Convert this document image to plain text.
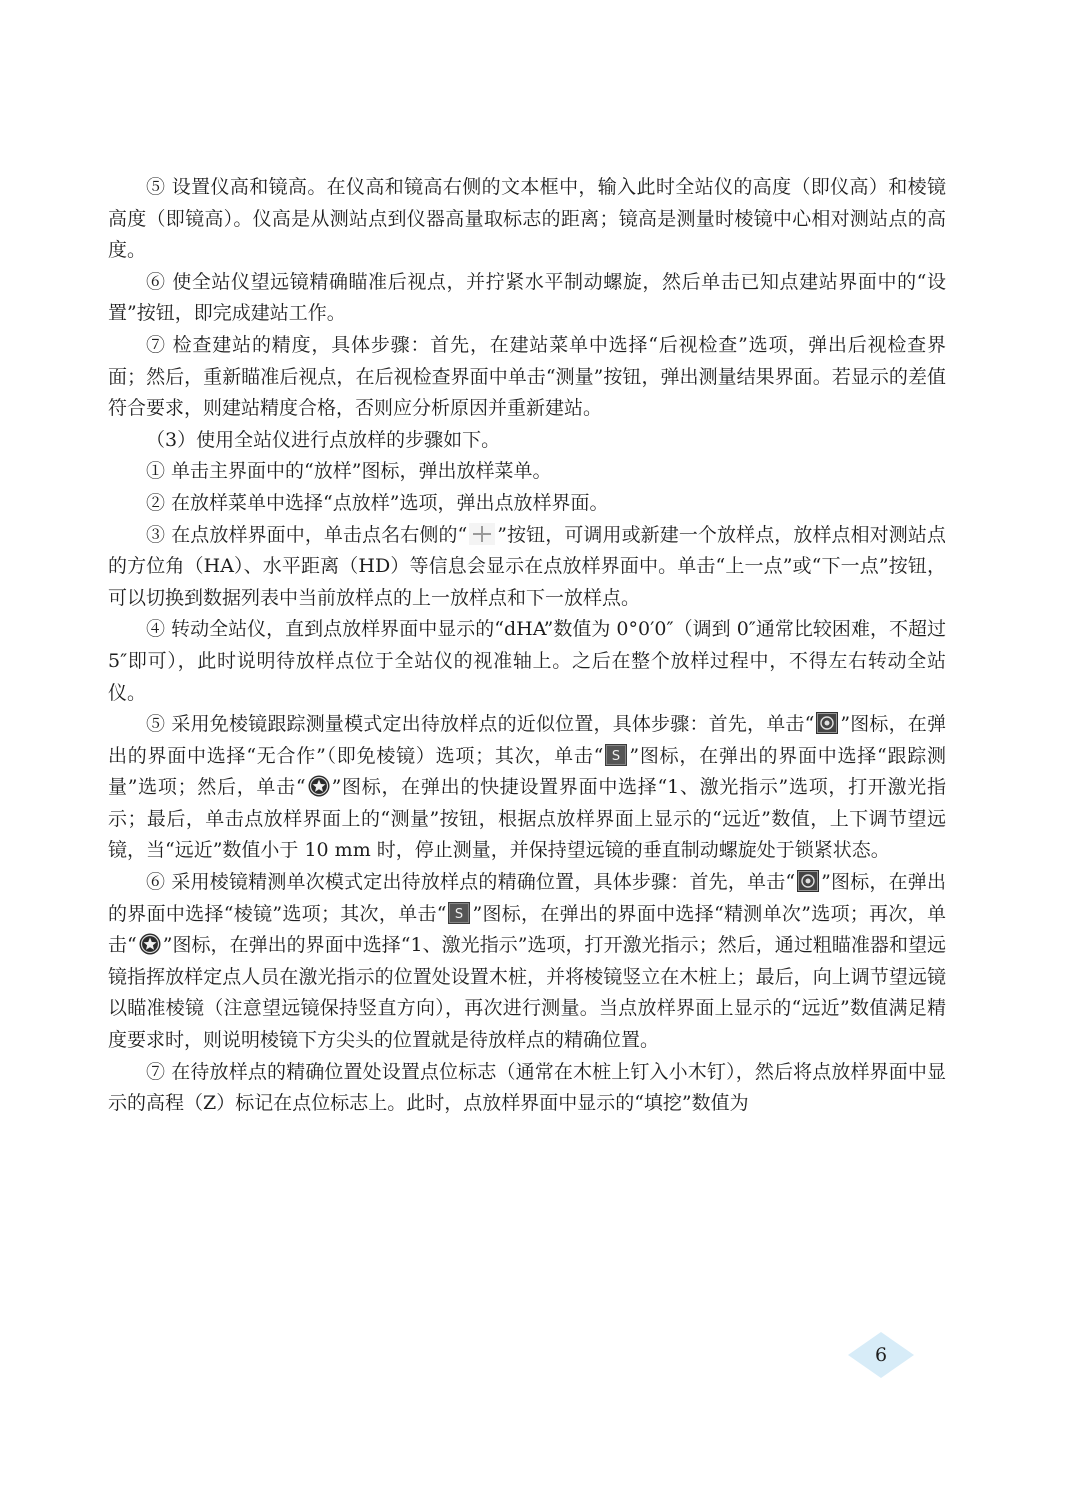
⑤ 设置仪高和镜高。在仪高和镜高右侧的文本框中，输入此时全站仪的高度（即仪高）和棱镜高度（即镜高）。仪高是从测站点到仪器高量取标志的距离；镜高是测量时棱镜中心相对测站点的高度。

⑥ 使全站仪望远镜精确瞄准后视点，并拧紧水平制动螺旋，然后单击已知点建站界面中的“设置”按钮，即完成建站工作。

⑦ 检查建站的精度，具体步骤：首先，在建站菜单中选择“后视检查”选项，弹出后视检查界面；然后，重新瞄准后视点，在后视检查界面中单击“测量”按钮，弹出测量结果界面。若显示的差值符合要求，则建站精度合格，否则应分析原因并重新建站。

（3）使用全站仪进行点放样的步骤如下。

① 单击主界面中的“放样”图标，弹出放样菜单。

② 在放样菜单中选择“点放样”选项，弹出点放样界面。

③ 在点放样界面中，单击点名右侧的“ ”按钮，可调用或新建一个放样点，放样点相对测站点的方位角（HA）、水平距离（HD）等信息会显示在点放样界面中。单击“上一点”或“下一点”按钮，可以切换到数据列表中当前放样点的上一放样点和下一放样点。

④ 转动全站仪，直到点放样界面中显示的“dHA”数值为 0°0′0″（调到 0″通常比较困难，不超过 5″即可），此时说明待放样点位于全站仪的视准轴上。之后在整个放样过程中，不得左右转动全站仪。

⑤ 采用免棱镜跟踪测量模式定出待放样点的近似位置，具体步骤：首先，单击“ ”图标，在弹出的界面中选择“无合作”（即免棱镜）选项；其次，单击“ S ”图标，在弹出的界面中选择“跟踪测量”选项；然后，单击“ ”图标，在弹出的快捷设置界面中选择“1、激光指示”选项，打开激光指示；最后，单击点放样界面上的“测量”按钮，根据点放样界面上显示的“远近”数值，上下调节望远镜，当“远近”数值小于 10 mm 时，停止测量，并保持望远镜的垂直制动螺旋处于锁紧状态。

⑥ 采用棱镜精测单次模式定出待放样点的精确位置，具体步骤：首先，单击“ ”图标，在弹出的界面中选择“棱镜”选项；其次，单击“ S ”图标，在弹出的界面中选择“精测单次”选项；再次，单击“ ”图标，在弹出的界面中选择“1、激光指示”选项，打开激光指示；然后，通过粗瞄准器和望远镜指挥放样定点人员在激光指示的位置处设置木桩，并将棱镜竖立在木桩上；最后，向上调节望远镜以瞄准棱镜（注意望远镜保持竖直方向），再次进行测量。当点放样界面上显示的“远近”数值满足精度要求时，则说明棱镜下方尖头的位置就是待放样点的精确位置。

⑦ 在待放样点的精确位置处设置点位标志（通常在木桩上钉入小木钉），然后将点放样界面中显示的高程（Z）标记在点位标志上。此时，点放样界面中显示的“填挖”数值为

6
